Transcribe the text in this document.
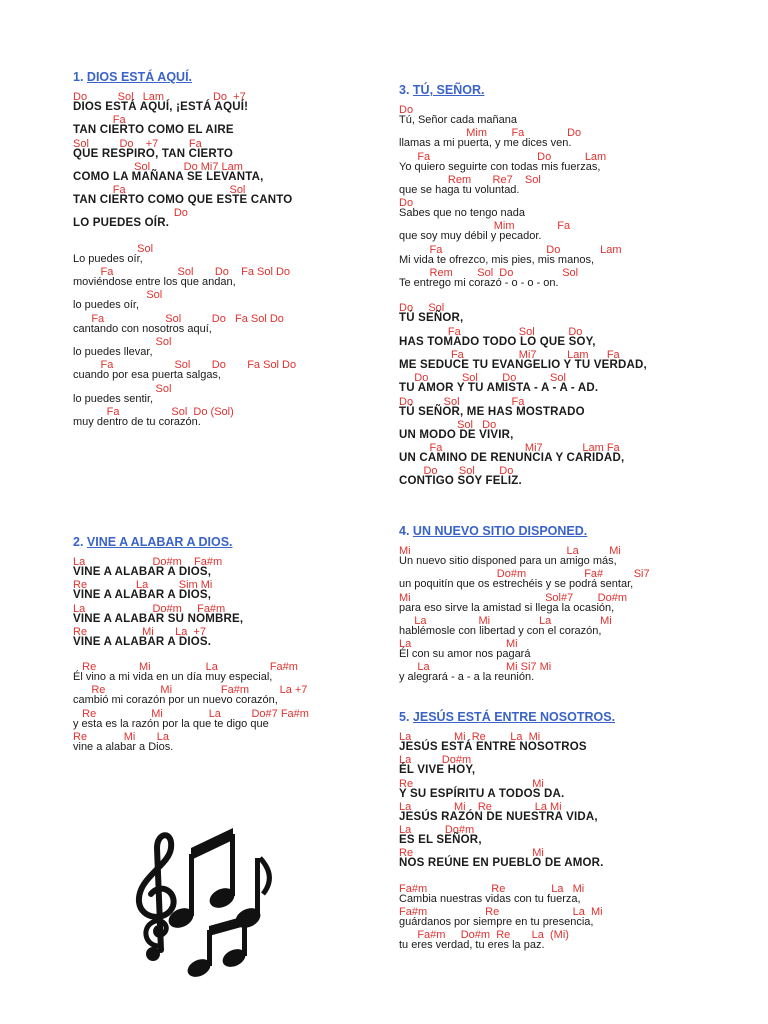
1. DIOS ESTÁ AQUÍ.
Do          Sol   Lam                Do  +7
DIOS ESTÁ AQUÍ, ¡ESTÁ AQUÍ!
Fa
TAN CIERTO COMO EL AIRE
Sol          Do    +7          Fa
QUE RESPIRO, TAN CIERTO
Sol           Do Mi7 Lam
COMO LA MAÑANA SE LEVANTA,
Fa                                  Sol
TAN CIERTO COMO QUE ESTE CANTO
Do
LO PUEDES OÍR.
Sol
Lo puedes oír,
Fa                     Sol       Do    Fa Sol Do
moviéndose entre los que andan,
Sol
lo puedes oír,
Fa                    Sol          Do   Fa Sol Do
cantando con nosotros aquí,
Sol
lo puedes llevar,
Fa                    Sol       Do       Fa Sol Do
cuando por esa puerta salgas,
Sol
lo puedes sentir,
Fa                 Sol  Do (Sol)
muy dentro de tu corazón.
2. VINE A ALABAR A DIOS.
La                      Do#m    Fa#m
VINE A ALABAR A DIOS,
Re                La          Sim Mi
VINE A ALABAR A DIOS,
La                      Do#m     Fa#m
VINE A ALABAR SU NOMBRE,
Re                  Mi       La  +7
VINE A ALABAR A DIOS.
Re              Mi                  La                 Fa#m
Él vino a mi vida en un día muy especial,
Re                  Mi                Fa#m          La +7
cambió mi corazón por un nuevo corazón,
Re                  Mi               La          Do#7 Fa#m
y esta es la razón por la que te digo que
Re            Mi       La
vine a alabar a Dios.
3. TÚ, SEÑOR.
Do
Tú, Señor cada mañana
Mim        Fa              Do
llamas a mi puerta, y me dices ven.
Fa                                   Do           Lam
Yo quiero seguirte con todas mis fuerzas,
Rem       Re7    Sol
que se haga tu voluntad.
Do
Sabes que no tengo nada
Mim              Fa
que soy muy débil y pecador.
Fa                                  Do             Lam
Mi vida te ofrezco, mis pies, mis manos,
Rem        Sol  Do                Sol
Te entrego mi corazó - o - o - on.
Do     Sol
TÚ SEÑOR,
Fa                   Sol           Do
HAS TOMADO TODO LO QUE SOY,
Fa                  Mi7          Lam      Fa
ME SEDUCE TU EVANGELIO Y TU VERDAD,
Do           Sol        Do           Sol
TU AMOR Y TU AMISTA - A - A - AD.
Do          Sol                 Fa
TÚ SEÑOR, ME HAS MOSTRADO
Sol   Do
UN MODO DE VIVIR,
Fa                           Mi7             Lam Fa
UN CAMINO DE RENUNCIA Y CARIDAD,
Do       Sol        Do
CONTIGO SOY FELIZ.
4. UN NUEVO SITIO DISPONED.
Mi                                                   La          Mi
Un nuevo sitio disponed para un amigo más,
Do#m                   Fa#          Si7
un poquitín que os estrechéis y se podrá sentar,
Mi                                            Sol#7        Do#m
para eso sirve la amistad si llega la ocasión,
La                 Mi                La                Mi
hablémosle con libertad y con el corazón,
La                               Mi
Él con su amor nos pagará
La                         Mi Si7 Mi
y alegrará - a - a la reunión.
5. JESÚS ESTÁ ENTRE NOSOTROS.
La              Mi  Re        La  Mi
JESÚS ESTÁ ENTRE NOSOTROS
La          Do#m
ÉL VIVE HOY,
Re                                       Mi
Y SU ESPÍRITU A TODOS DA.
La              Mi    Re              La Mi
JESÚS RAZÓN DE NUESTRA VIDA,
La           Do#m
ES EL SEÑOR,
Re                                       Mi
NOS REÚNE EN PUEBLO DE AMOR.
Fa#m                     Re               La   Mi
Cambia nuestras vidas con tu fuerza,
Fa#m                   Re                        La  Mi
guárdanos por siempre en tu presencia,
Fa#m     Do#m  Re       La  (Mi)
tu eres verdad, tu eres la paz.
